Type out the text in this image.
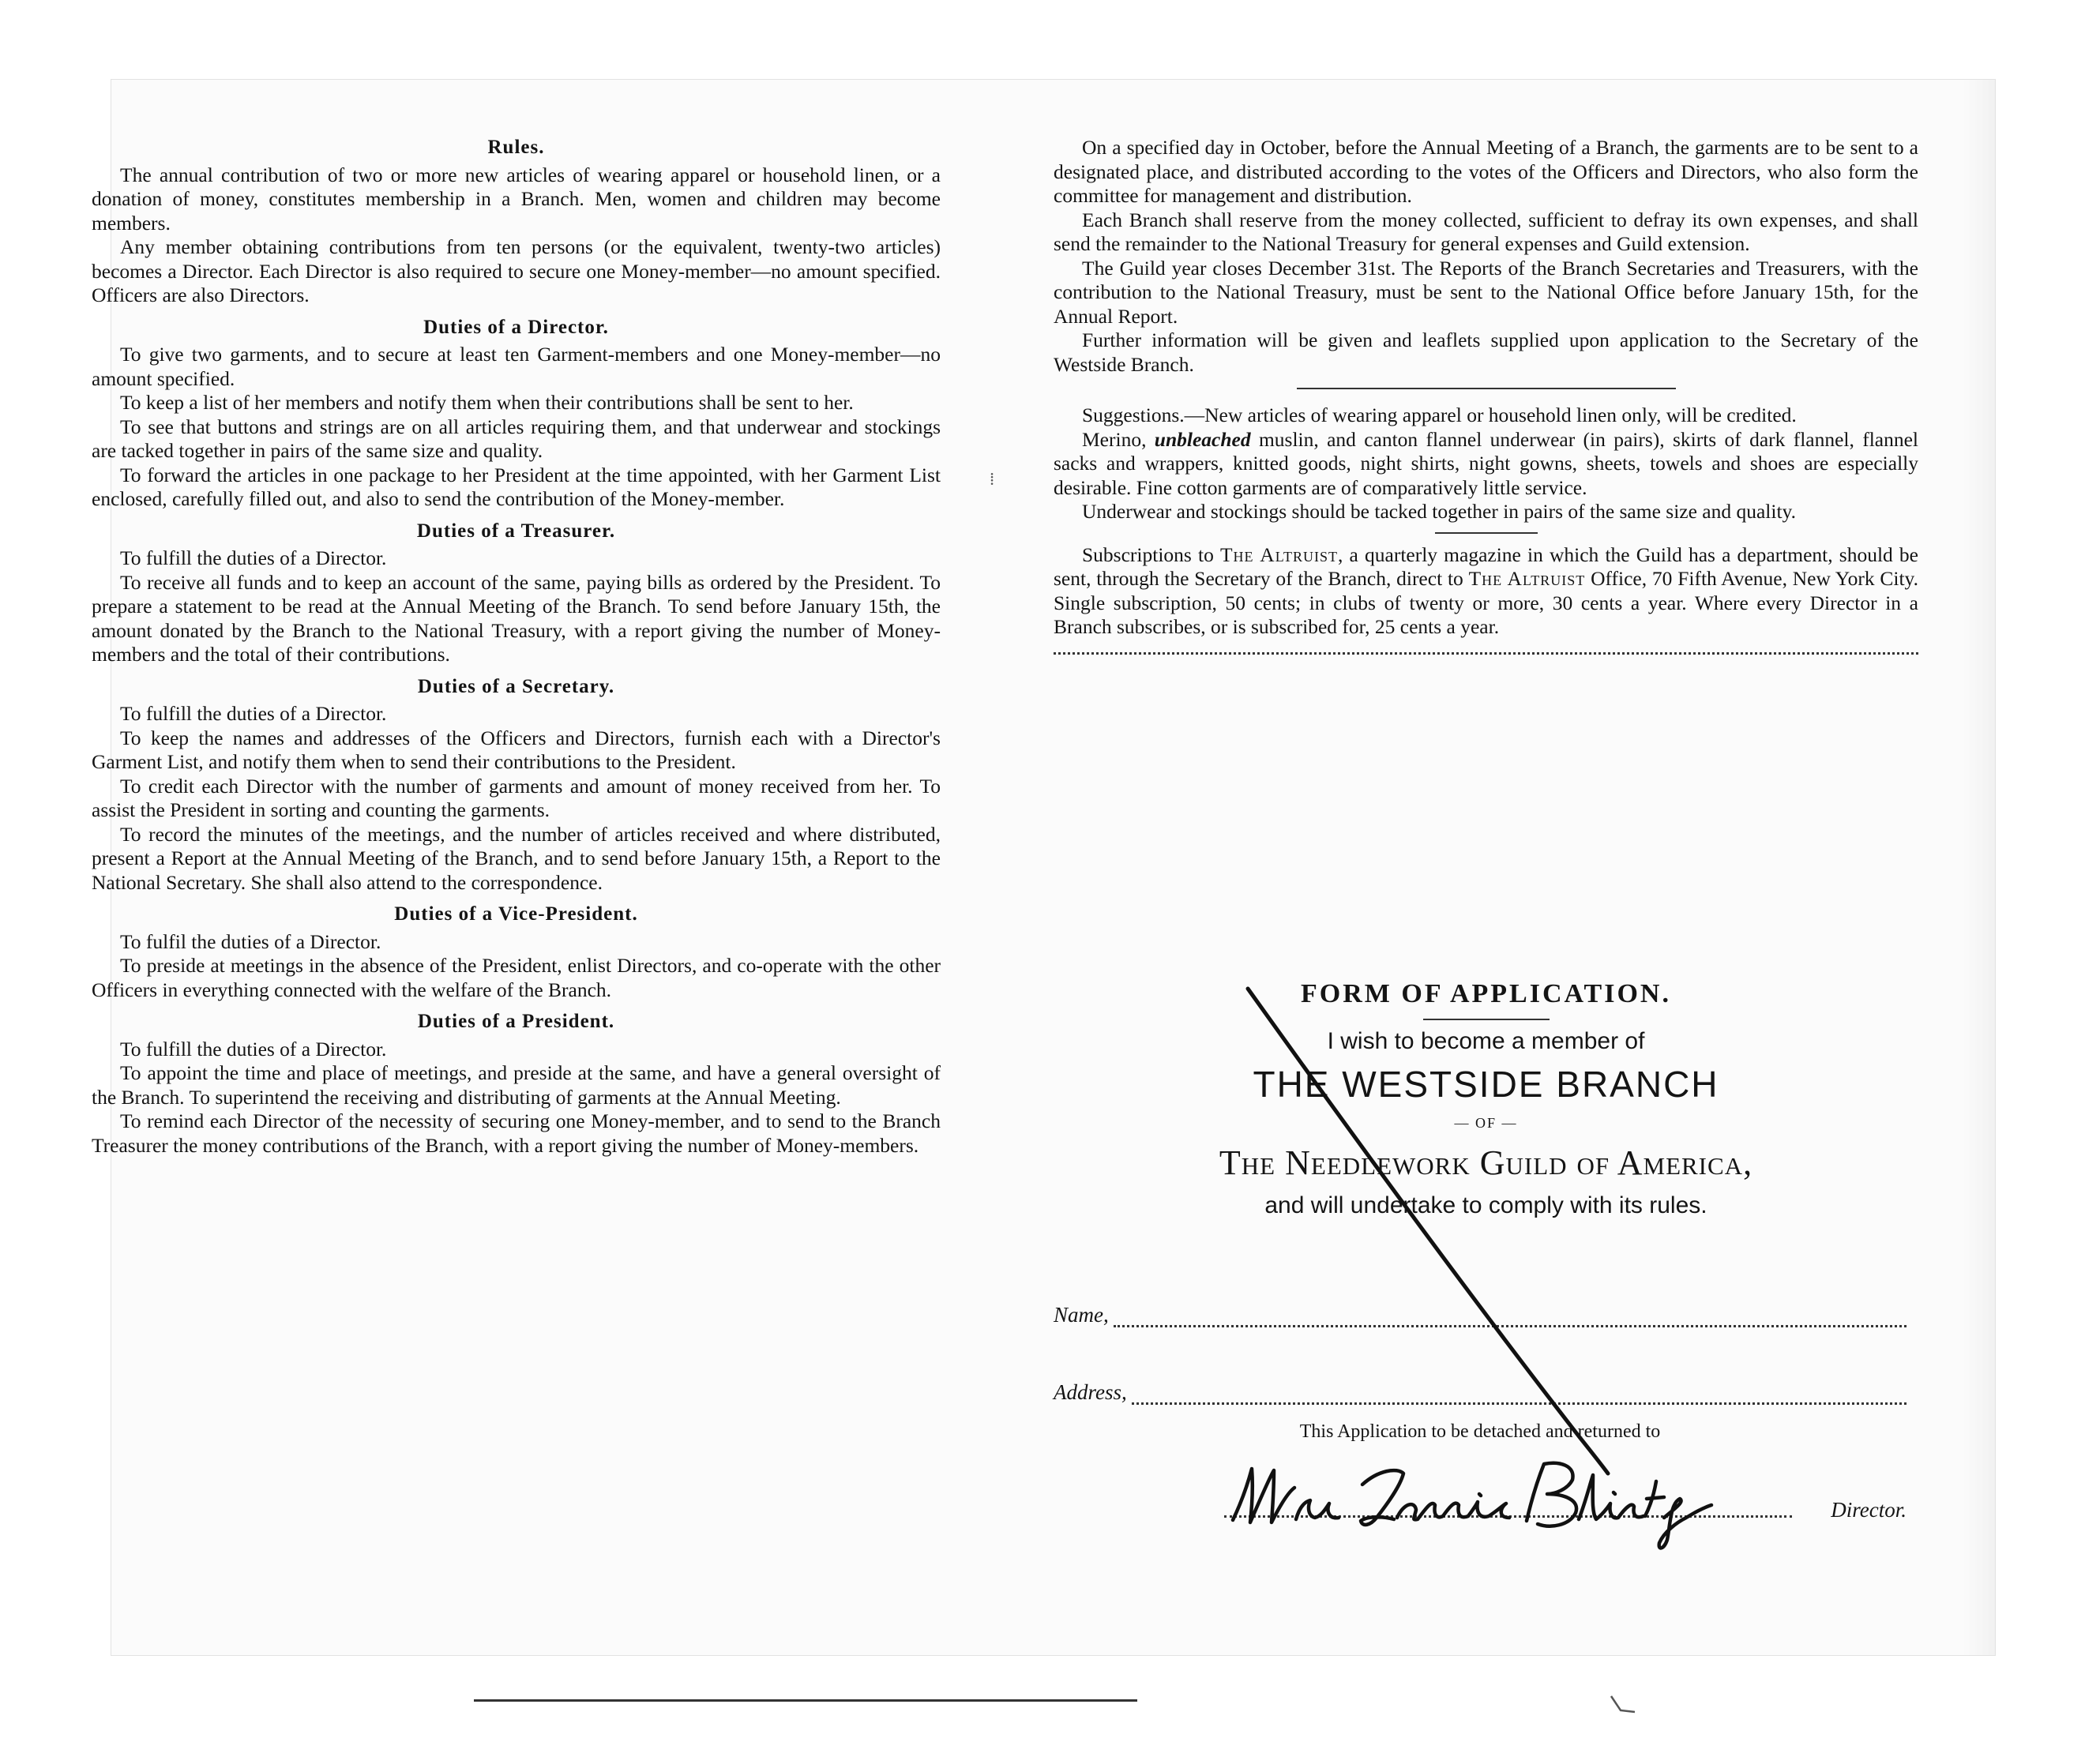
Rules.

The annual contribution of two or more new articles of wearing apparel or household linen, or a donation of money, constitutes membership in a Branch. Men, women and children may become members.

Any member obtaining contributions from ten persons (or the equivalent, twenty-two articles) becomes a Director. Each Director is also required to secure one Money-member—no amount specified. Officers are also Directors.

Duties of a Director.

To give two garments, and to secure at least ten Garment-members and one Money-member—no amount specified.

To keep a list of her members and notify them when their contributions shall be sent to her.

To see that buttons and strings are on all articles requiring them, and that underwear and stockings are tacked together in pairs of the same size and quality.

To forward the articles in one package to her President at the time appointed, with her Garment List enclosed, carefully filled out, and also to send the contribution of the Money-member.

Duties of a Treasurer.

To fulfill the duties of a Director.

To receive all funds and to keep an account of the same, paying bills as ordered by the President. To prepare a statement to be read at the Annual Meeting of the Branch. To send before January 15th, the amount donated by the Branch to the National Treasury, with a report giving the number of Money-members and the total of their contributions.

Duties of a Secretary.

To fulfill the duties of a Director.

To keep the names and addresses of the Officers and Directors, furnish each with a Director's Garment List, and notify them when to send their contributions to the President.

To credit each Director with the number of garments and amount of money received from her. To assist the President in sorting and counting the garments.

To record the minutes of the meetings, and the number of articles received and where distributed, present a Report at the Annual Meeting of the Branch, and to send before January 15th, a Report to the National Secretary. She shall also attend to the correspondence.

Duties of a Vice-President.

To fulfil the duties of a Director.

To preside at meetings in the absence of the President, enlist Directors, and co-operate with the other Officers in everything connected with the welfare of the Branch.

Duties of a President.

To fulfill the duties of a Director.

To appoint the time and place of meetings, and preside at the same, and have a general oversight of the Branch. To superintend the receiving and distributing of garments at the Annual Meeting.

To remind each Director of the necessity of securing one Money-member, and to send to the Branch Treasurer the money contributions of the Branch, with a report giving the number of Money-members.

On a specified day in October, before the Annual Meeting of a Branch, the garments are to be sent to a designated place, and distributed according to the votes of the Officers and Directors, who also form the committee for management and distribution.

Each Branch shall reserve from the money collected, sufficient to defray its own expenses, and shall send the remainder to the National Treasury for general expenses and Guild extension.

The Guild year closes December 31st. The Reports of the Branch Secretaries and Treasurers, with the contribution to the National Treasury, must be sent to the National Office before January 15th, for the Annual Report.

Further information will be given and leaflets supplied upon application to the Secretary of the Westside Branch.

Suggestions.—New articles of wearing apparel or household linen only, will be credited.

Merino, unbleached muslin, and canton flannel underwear (in pairs), skirts of dark flannel, flannel sacks and wrappers, knitted goods, night shirts, night gowns, sheets, towels and shoes are especially desirable. Fine cotton garments are of comparatively little service.

Underwear and stockings should be tacked together in pairs of the same size and quality.

Subscriptions to The Altruist, a quarterly magazine in which the Guild has a department, should be sent, through the Secretary of the Branch, direct to The Altruist Office, 70 Fifth Avenue, New York City. Single subscription, 50 cents; in clubs of twenty or more, 30 cents a year. Where every Director in a Branch subscribes, or is subscribed for, 25 cents a year.

FORM OF APPLICATION.

I wish to become a member of

THE WESTSIDE BRANCH

— OF —

The Needlework Guild of America,

and will undertake to comply with its rules.

Name,
Address,
This Application to be detached and returned to
Director.
⁞
